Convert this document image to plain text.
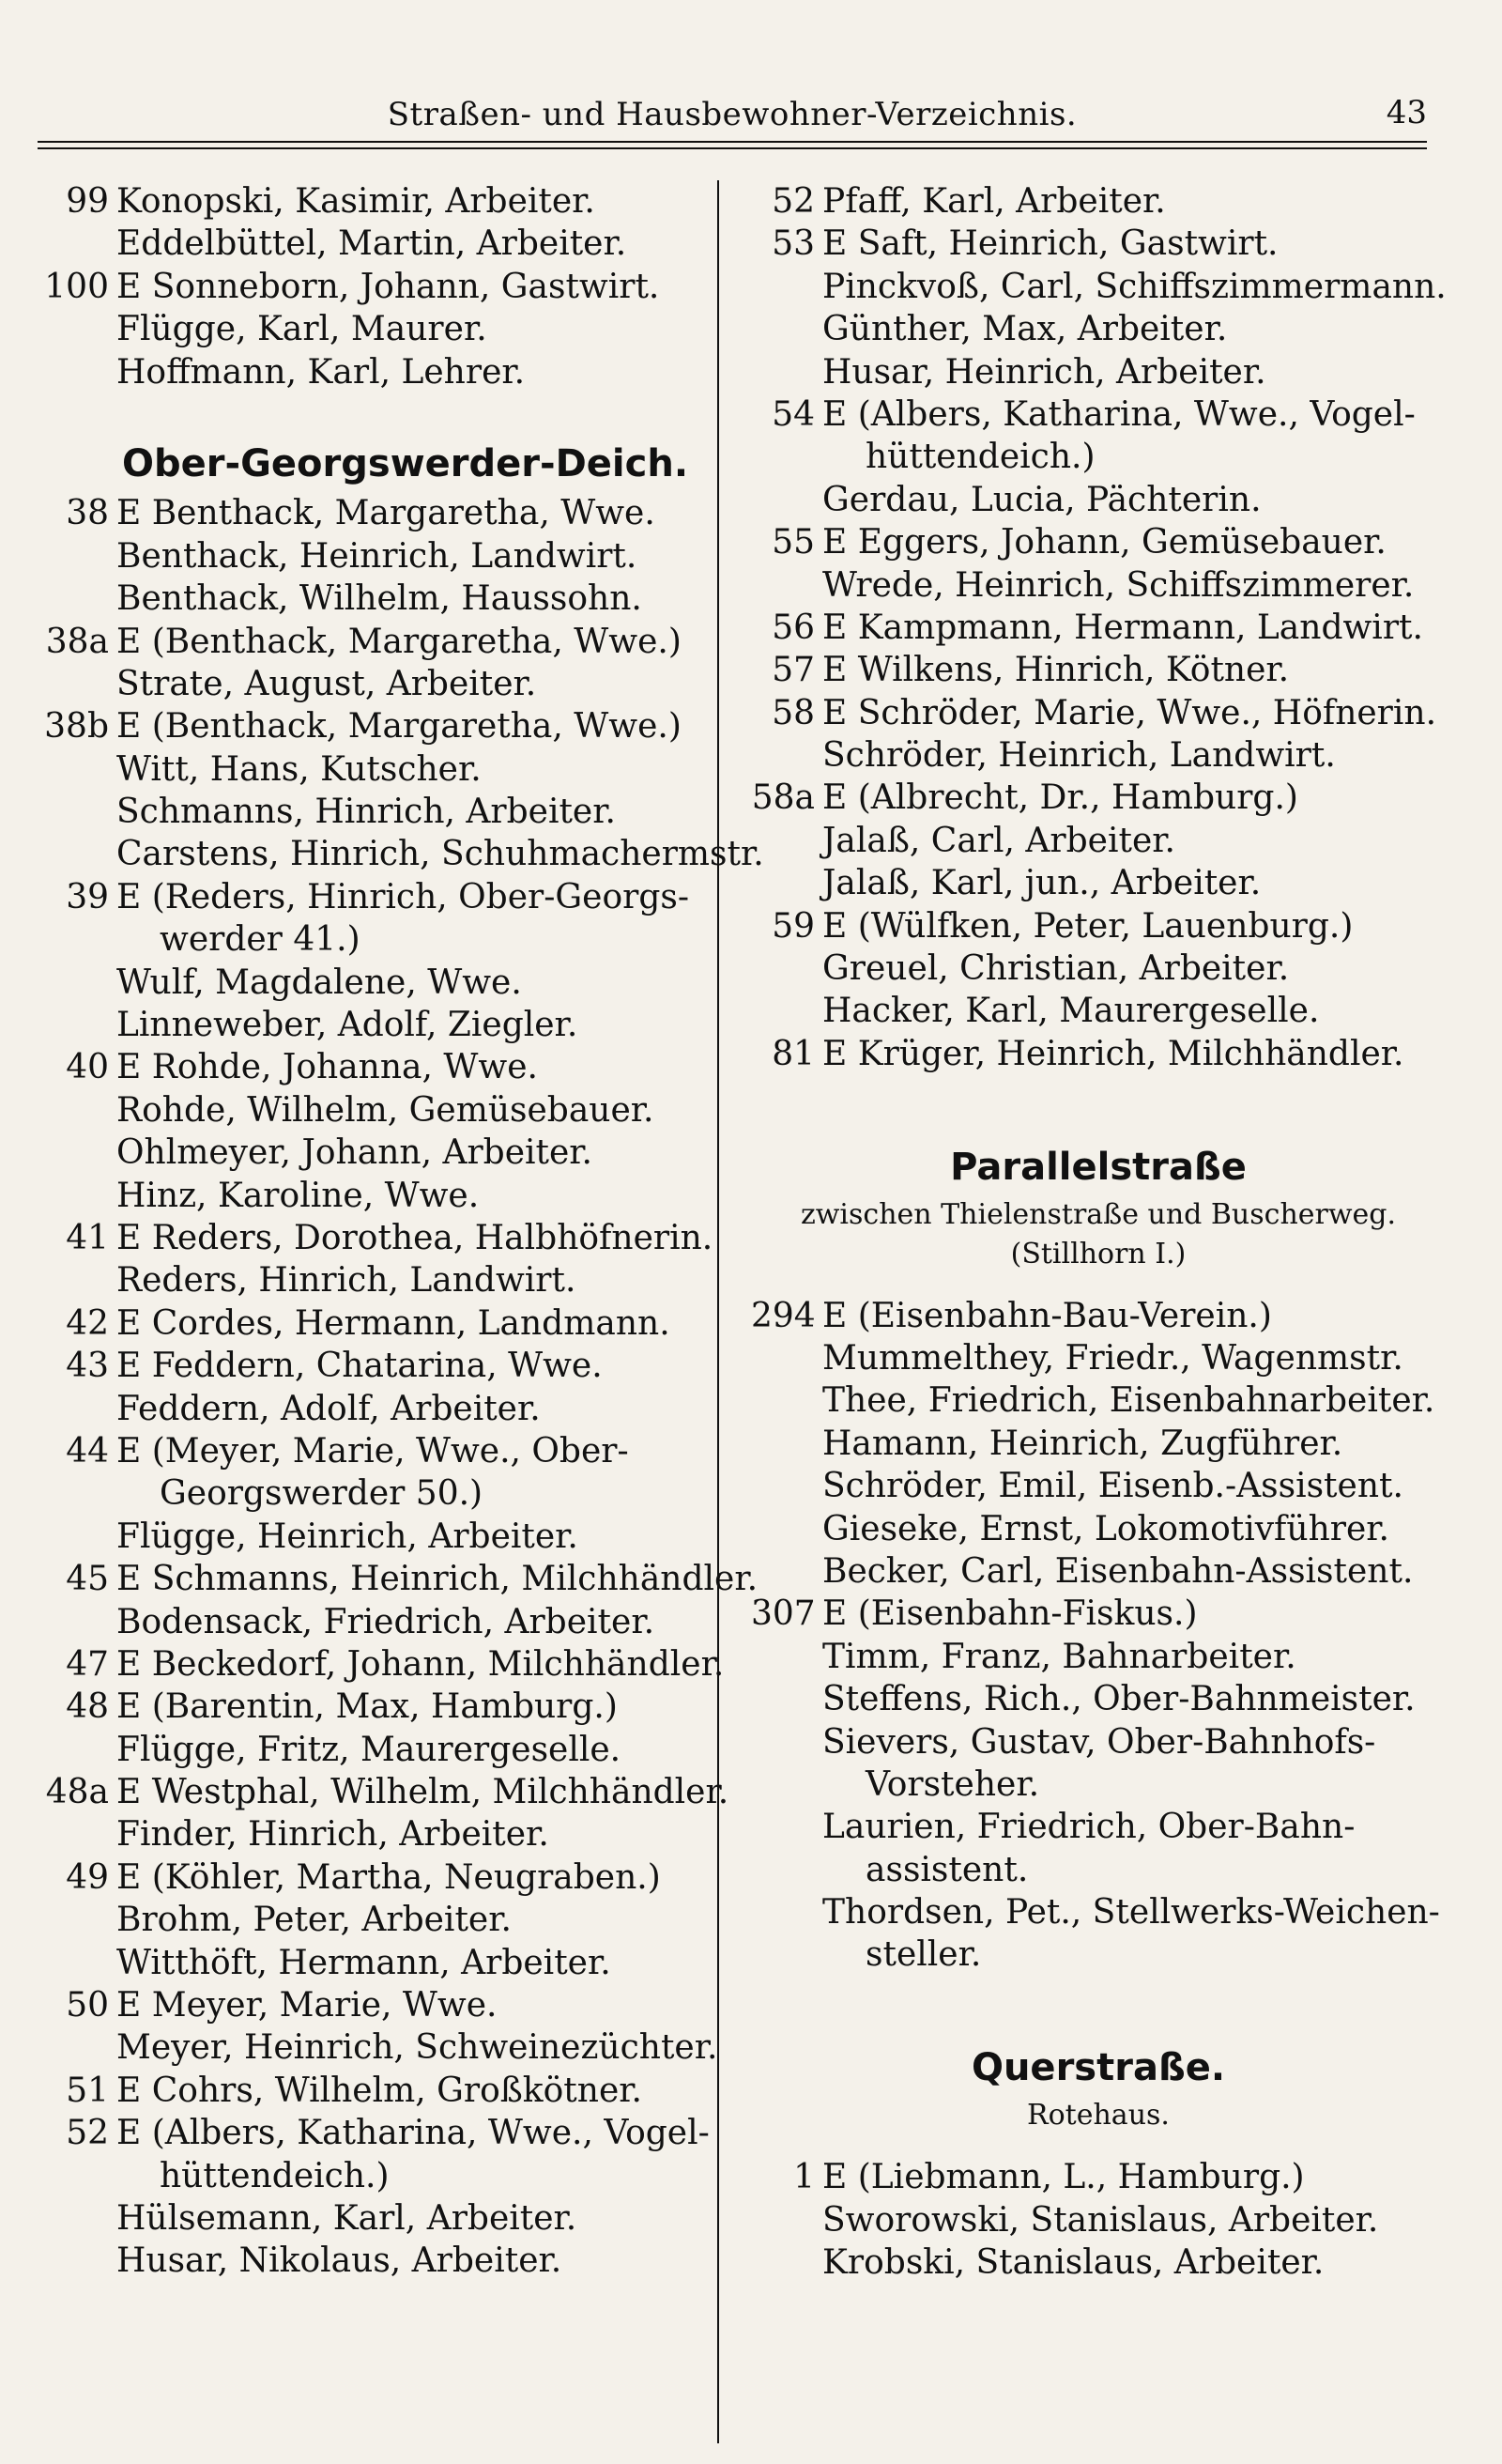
Straßen- und Hausbewohner-Verzeichnis.	43
99 Konopski, Kasimir, Arbeiter.
Eddelbüttel, Martin, Arbeiter.
100 E Sonneborn, Johann, Gastwirt.
Flügge, Karl, Maurer.
Hoffmann, Karl, Lehrer.
Ober-Georgswerder-Deich.
38 E Benthack, Margaretha, Wwe.
Benthack, Heinrich, Landwirt.
Benthack, Wilhelm, Haussohn.
38a E (Benthack, Margaretha, Wwe.)
Strate, August, Arbeiter.
38b E (Benthack, Margaretha, Wwe.)
Witt, Hans, Kutscher.
Schmanns, Hinrich, Arbeiter.
Carstens, Hinrich, Schuhmachermstr.
39 E (Reders, Hinrich, Ober-Georgs-
werder 41.)
Wulf, Magdalene, Wwe.
Linneweber, Adolf, Ziegler.
40 E Rohde, Johanna, Wwe.
Rohde, Wilhelm, Gemüsebauer.
Ohlmeyer, Johann, Arbeiter.
Hinz, Karoline, Wwe.
41 E Reders, Dorothea, Halbhöfnerin.
Reders, Hinrich, Landwirt.
42 E Cordes, Hermann, Landmann.
43 E Feddern, Chatarina, Wwe.
Feddern, Adolf, Arbeiter.
44 E (Meyer, Marie, Wwe., Ober-
Georgswerder 50.)
Flügge, Heinrich, Arbeiter.
45 E Schmanns, Heinrich, Milchhändler.
Bodensack, Friedrich, Arbeiter.
47 E Beckedorf, Johann, Milchhändler.
48 E (Barentin, Max, Hamburg.)
Flügge, Fritz, Maurergeselle.
48a E Westphal, Wilhelm, Milchhändler.
Finder, Hinrich, Arbeiter.
49 E (Köhler, Martha, Neugraben.)
Brohm, Peter, Arbeiter.
Witthöft, Hermann, Arbeiter.
50 E Meyer, Marie, Wwe.
Meyer, Heinrich, Schweinezüchter.
51 E Cohrs, Wilhelm, Großkötner.
52 E (Albers, Katharina, Wwe., Vogel-
hüttendeich.)
Hülsemann, Karl, Arbeiter.
Husar, Nikolaus, Arbeiter.
52 Pfaff, Karl, Arbeiter.
53 E Saft, Heinrich, Gastwirt.
Pinckvoß, Carl, Schiffszimmermann.
Günther, Max, Arbeiter.
Husar, Heinrich, Arbeiter.
54 E (Albers, Katharina, Wwe., Vogel-
hüttendeich.)
Gerdau, Lucia, Pächterin.
55 E Eggers, Johann, Gemüsebauer.
Wrede, Heinrich, Schiffszimmerer.
56 E Kampmann, Hermann, Landwirt.
57 E Wilkens, Hinrich, Kötner.
58 E Schröder, Marie, Wwe., Höfnerin.
Schröder, Heinrich, Landwirt.
58a E (Albrecht, Dr., Hamburg.)
Jalaß, Carl, Arbeiter.
Jalaß, Karl, jun., Arbeiter.
59 E (Wülfken, Peter, Lauenburg.)
Greuel, Christian, Arbeiter.
Hacker, Karl, Maurergeselle.
81 E Krüger, Heinrich, Milchhändler.
Parallelstraße
zwischen Thielenstraße und Buscherweg.
(Stillhorn I.)
294 E (Eisenbahn-Bau-Verein.)
Mummelthey, Friedr., Wagenmstr.
Thee, Friedrich, Eisenbahnarbeiter.
Hamann, Heinrich, Zugführer.
Schröder, Emil, Eisenb.-Assistent.
Gieseke, Ernst, Lokomotivführer.
Becker, Carl, Eisenbahn-Assistent.
307 E (Eisenbahn-Fiskus.)
Timm, Franz, Bahnarbeiter.
Steffens, Rich., Ober-Bahnmeister.
Sievers, Gustav, Ober-Bahnhofs-
Vorsteher.
Laurien, Friedrich, Ober-Bahn-
assistent.
Thordsen, Pet., Stellwerks-Weichen-
steller.
Querstraße.
Rotehaus.
1 E (Liebmann, L., Hamburg.)
Sworowski, Stanislaus, Arbeiter.
Krobski, Stanislaus, Arbeiter.
